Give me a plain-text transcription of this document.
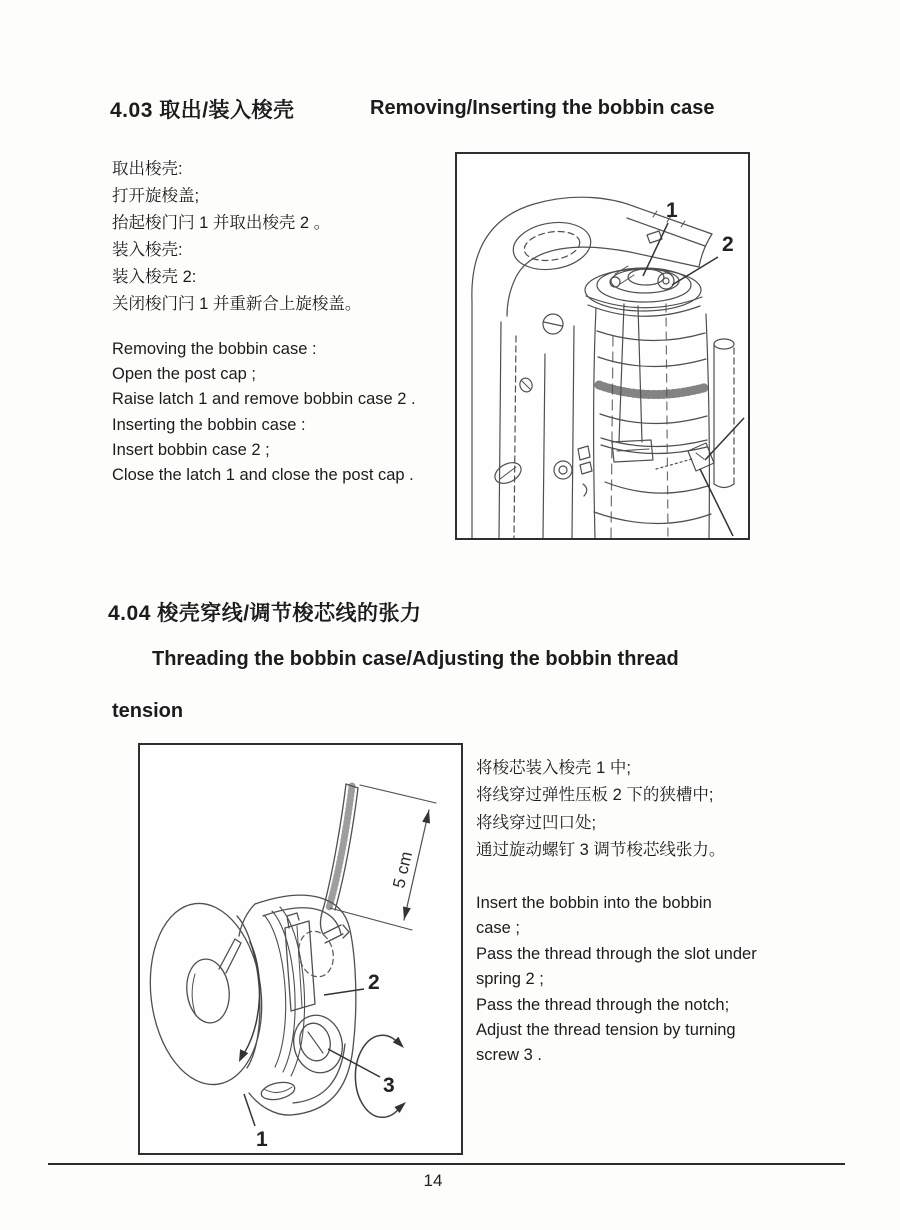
4.03 取出/装入梭壳	Removing/Inserting the bobbin case
取出梭壳:
打开旋梭盖;
抬起梭门闩 1 并取出梭壳 2 。
装入梭壳:
装入梭壳 2:
关闭梭门闩 1 并重新合上旋梭盖。
Removing the bobbin case :
Open the post cap ;
Raise latch 1 and remove bobbin case 2 .
Inserting the bobbin case :
Insert bobbin case 2 ;
Close the latch 1 and close the post cap .
1
2
4.04 梭壳穿线/调节梭芯线的张力
Threading the bobbin case/Adjusting the bobbin thread
tension
将梭芯装入梭壳 1 中;
将线穿过弹性压板 2 下的狭槽中;
将线穿过凹口处;
通过旋动螺钉 3 调节梭芯线张力。
Insert the bobbin into the bobbin
case ;
Pass the thread through the slot under
spring 2 ;
Pass the thread through the notch;
Adjust the thread tension by turning
screw 3 .
5 cm
2
3
1
14
